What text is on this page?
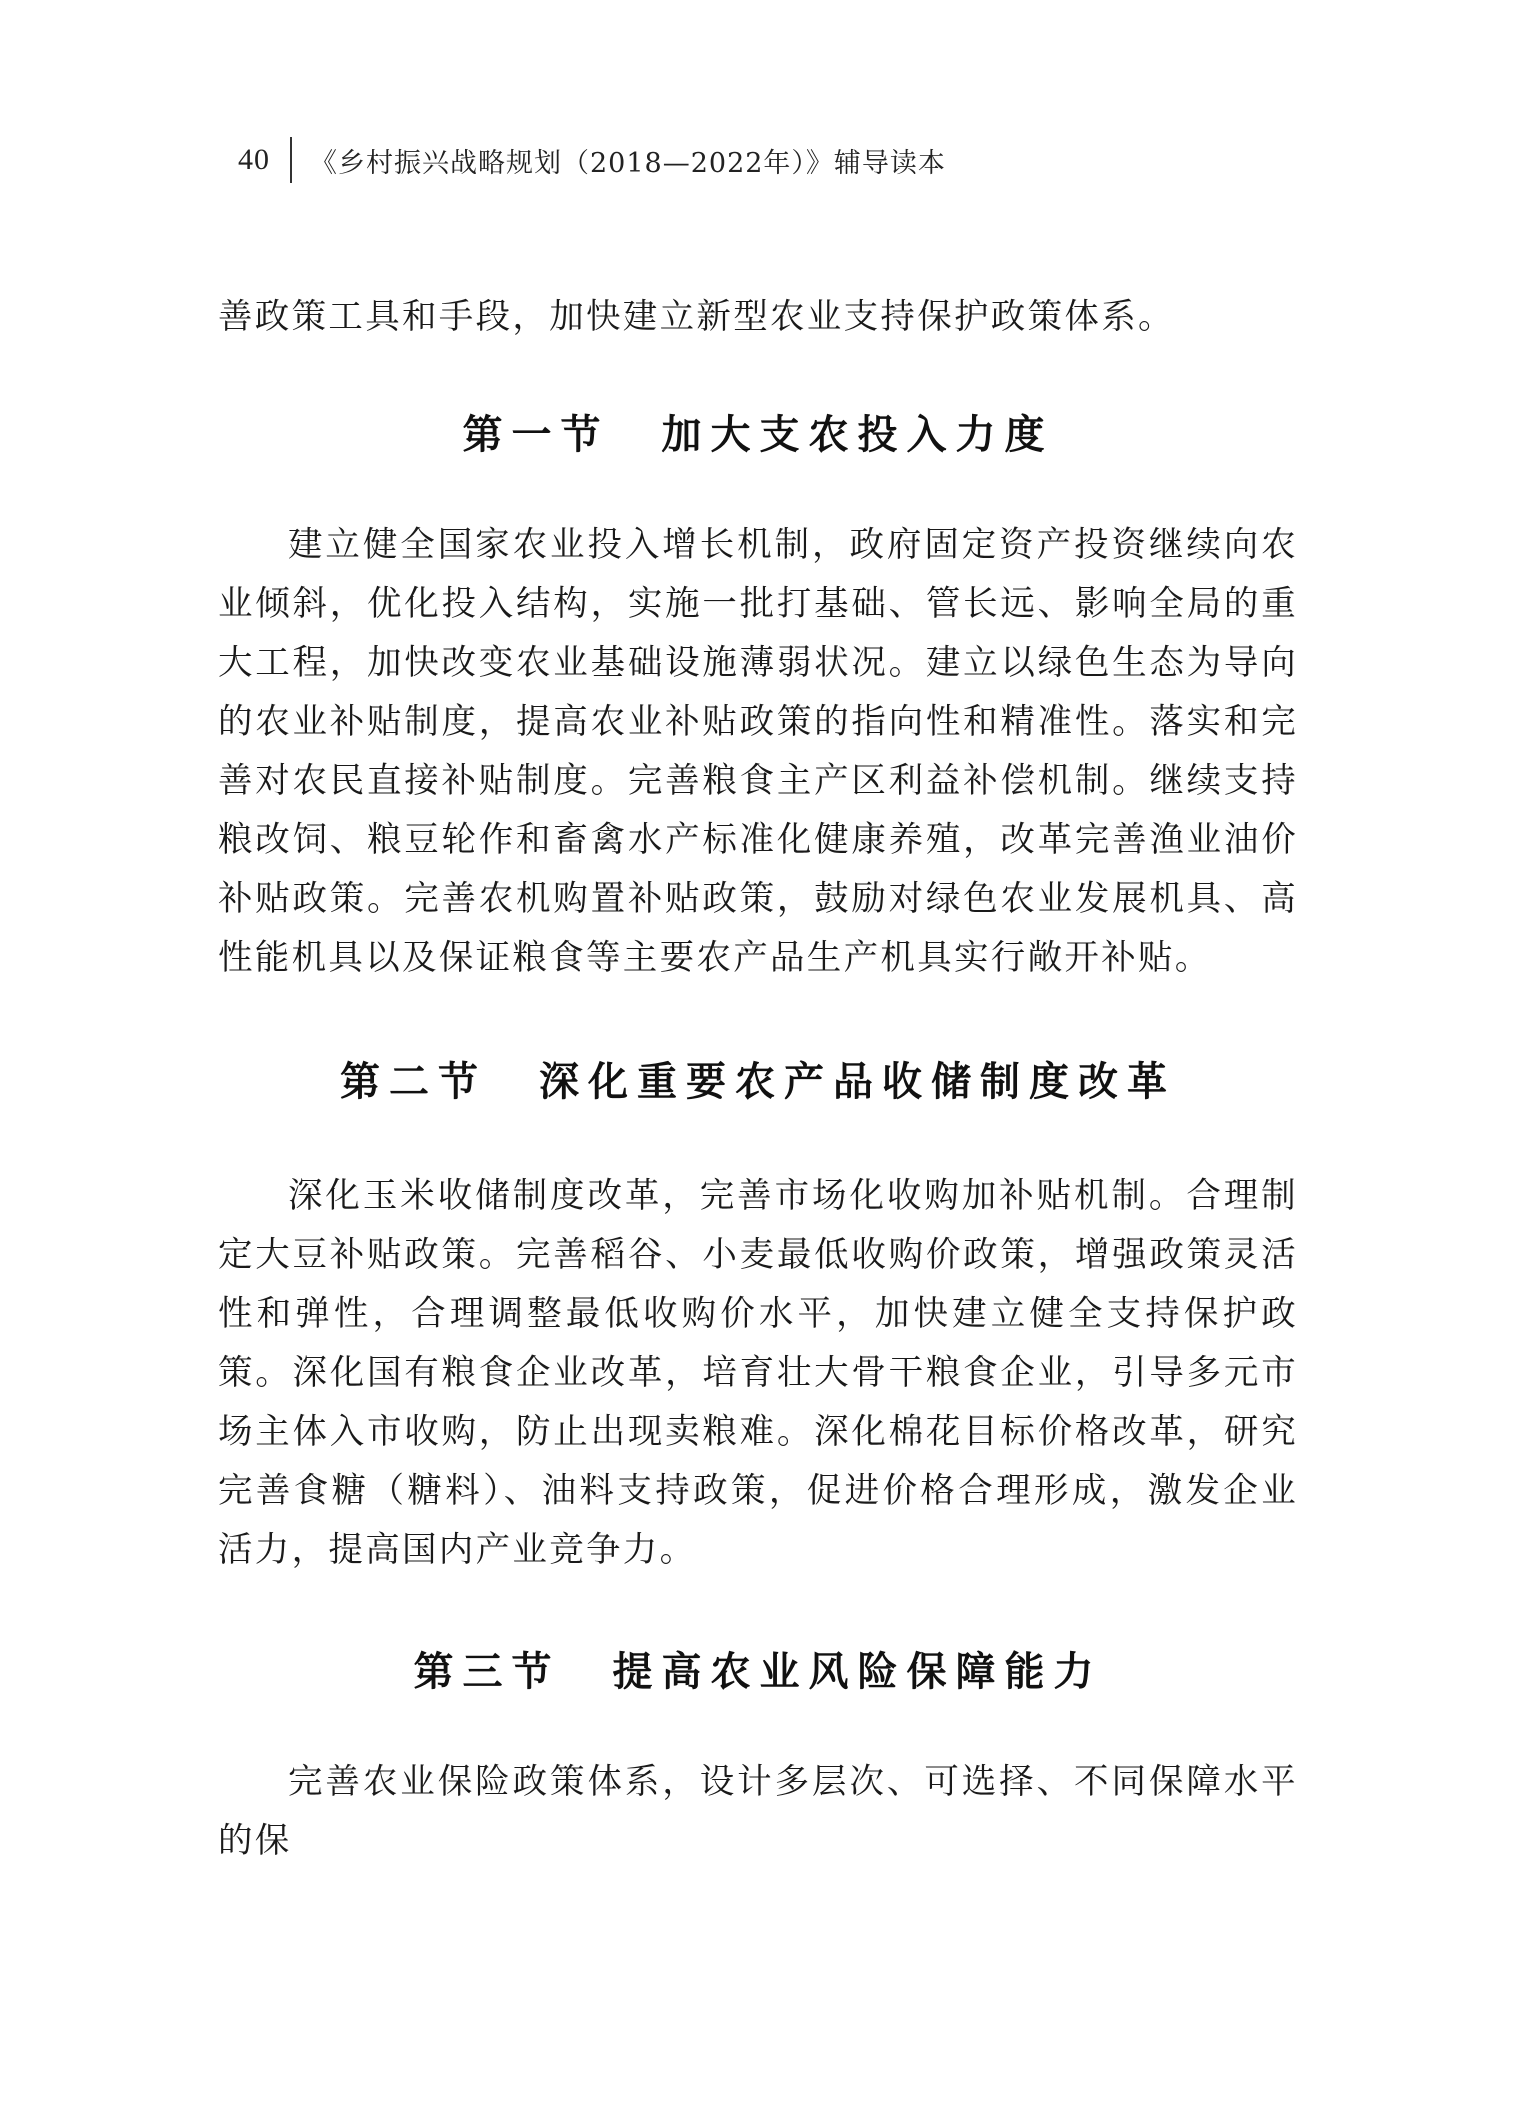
40 《乡村振兴战略规划（2018—2022年）》辅导读本

善政策工具和手段，加快建立新型农业支持保护政策体系。

第一节 加大支农投入力度

建立健全国家农业投入增长机制，政府固定资产投资继续向农业倾斜，优化投入结构，实施一批打基础、管长远、影响全局的重大工程，加快改变农业基础设施薄弱状况。建立以绿色生态为导向的农业补贴制度，提高农业补贴政策的指向性和精准性。落实和完善对农民直接补贴制度。完善粮食主产区利益补偿机制。继续支持粮改饲、粮豆轮作和畜禽水产标准化健康养殖，改革完善渔业油价补贴政策。完善农机购置补贴政策，鼓励对绿色农业发展机具、高性能机具以及保证粮食等主要农产品生产机具实行敞开补贴。

第二节 深化重要农产品收储制度改革

深化玉米收储制度改革，完善市场化收购加补贴机制。合理制定大豆补贴政策。完善稻谷、小麦最低收购价政策，增强政策灵活性和弹性，合理调整最低收购价水平，加快建立健全支持保护政策。深化国有粮食企业改革，培育壮大骨干粮食企业，引导多元市场主体入市收购，防止出现卖粮难。深化棉花目标价格改革，研究完善食糖（糖料）、油料支持政策，促进价格合理形成，激发企业活力，提高国内产业竞争力。

第三节 提高农业风险保障能力

完善农业保险政策体系，设计多层次、可选择、不同保障水平的保
